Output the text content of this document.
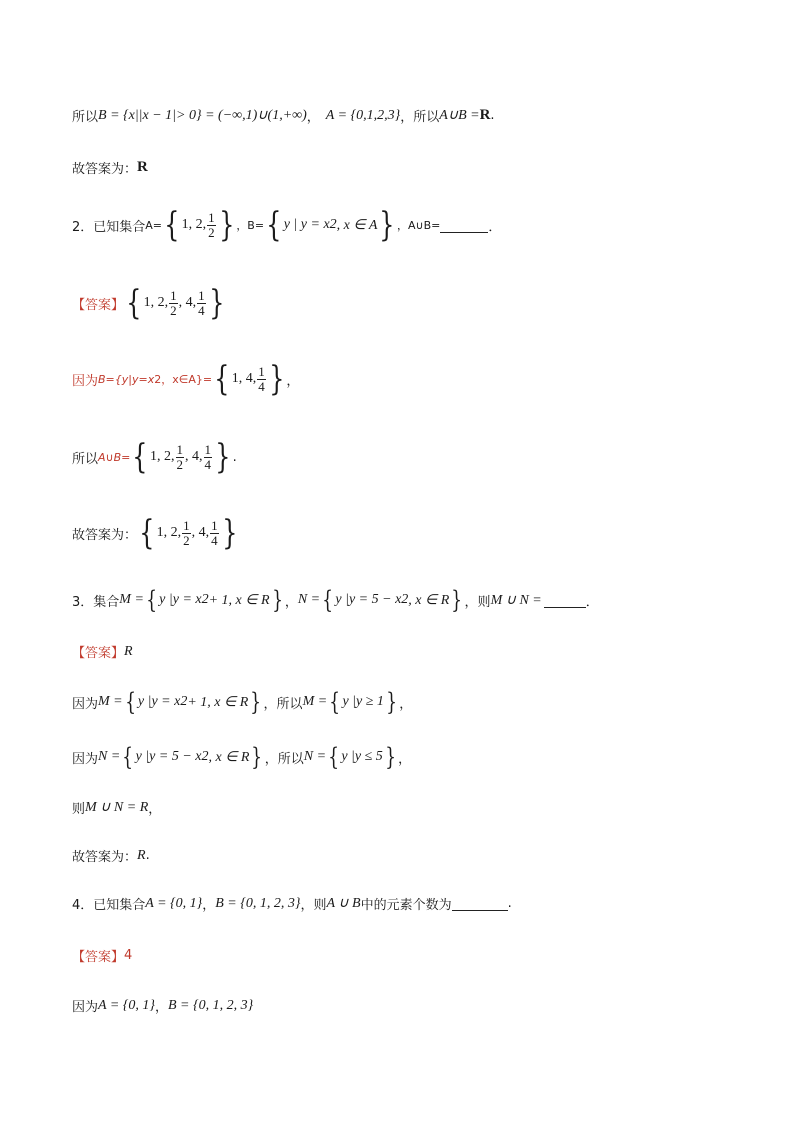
所以 B = {x||x − 1|> 0} = (−∞,1)∪(1,+∞) ， A = {0,1,2,3} ，所以 A∪B = R .
故答案为： R
2．已知集合 A= { 1, 2, $\frac{1}{2}$ } ，B= { y | y = x 2 , x ∈ A } ，A∪B=	．
【答案】 { 1, 2, $\frac{1}{2}$ , 4, $\frac{1}{4}$ }
因为 B={y|y=x 2 ，x∈A}= { 1, 4, $\frac{1}{4}$ } ，
所以 A∪B= { 1, 2, $\frac{1}{2}$ , 4, $\frac{1}{4}$ } .
故答案为： { 1, 2, $\frac{1}{2}$ , 4, $\frac{1}{4}$ }
3．集合 M = { y |y = x 2 + 1, x ∈ R } ， N = { y |y = 5 − x 2 , x ∈ R } ，则 M ∪ N =	．
【答案】 R
因为 M = { y |y = x 2 + 1, x ∈ R } ，所以 M = { y |y ≥ 1 } ，
因为 N = { y |y = 5 − x 2 , x ∈ R } ，所以 N = { y |y ≤ 5 } ，
则 M ∪ N = R ，
故答案为： R .
4．已知集合 A = {0, 1} ， B = {0, 1, 2, 3} ，则 A ∪ B 中的元素个数为	.
【答案】 4
因为 A = {0, 1} ， B = {0, 1, 2, 3}
